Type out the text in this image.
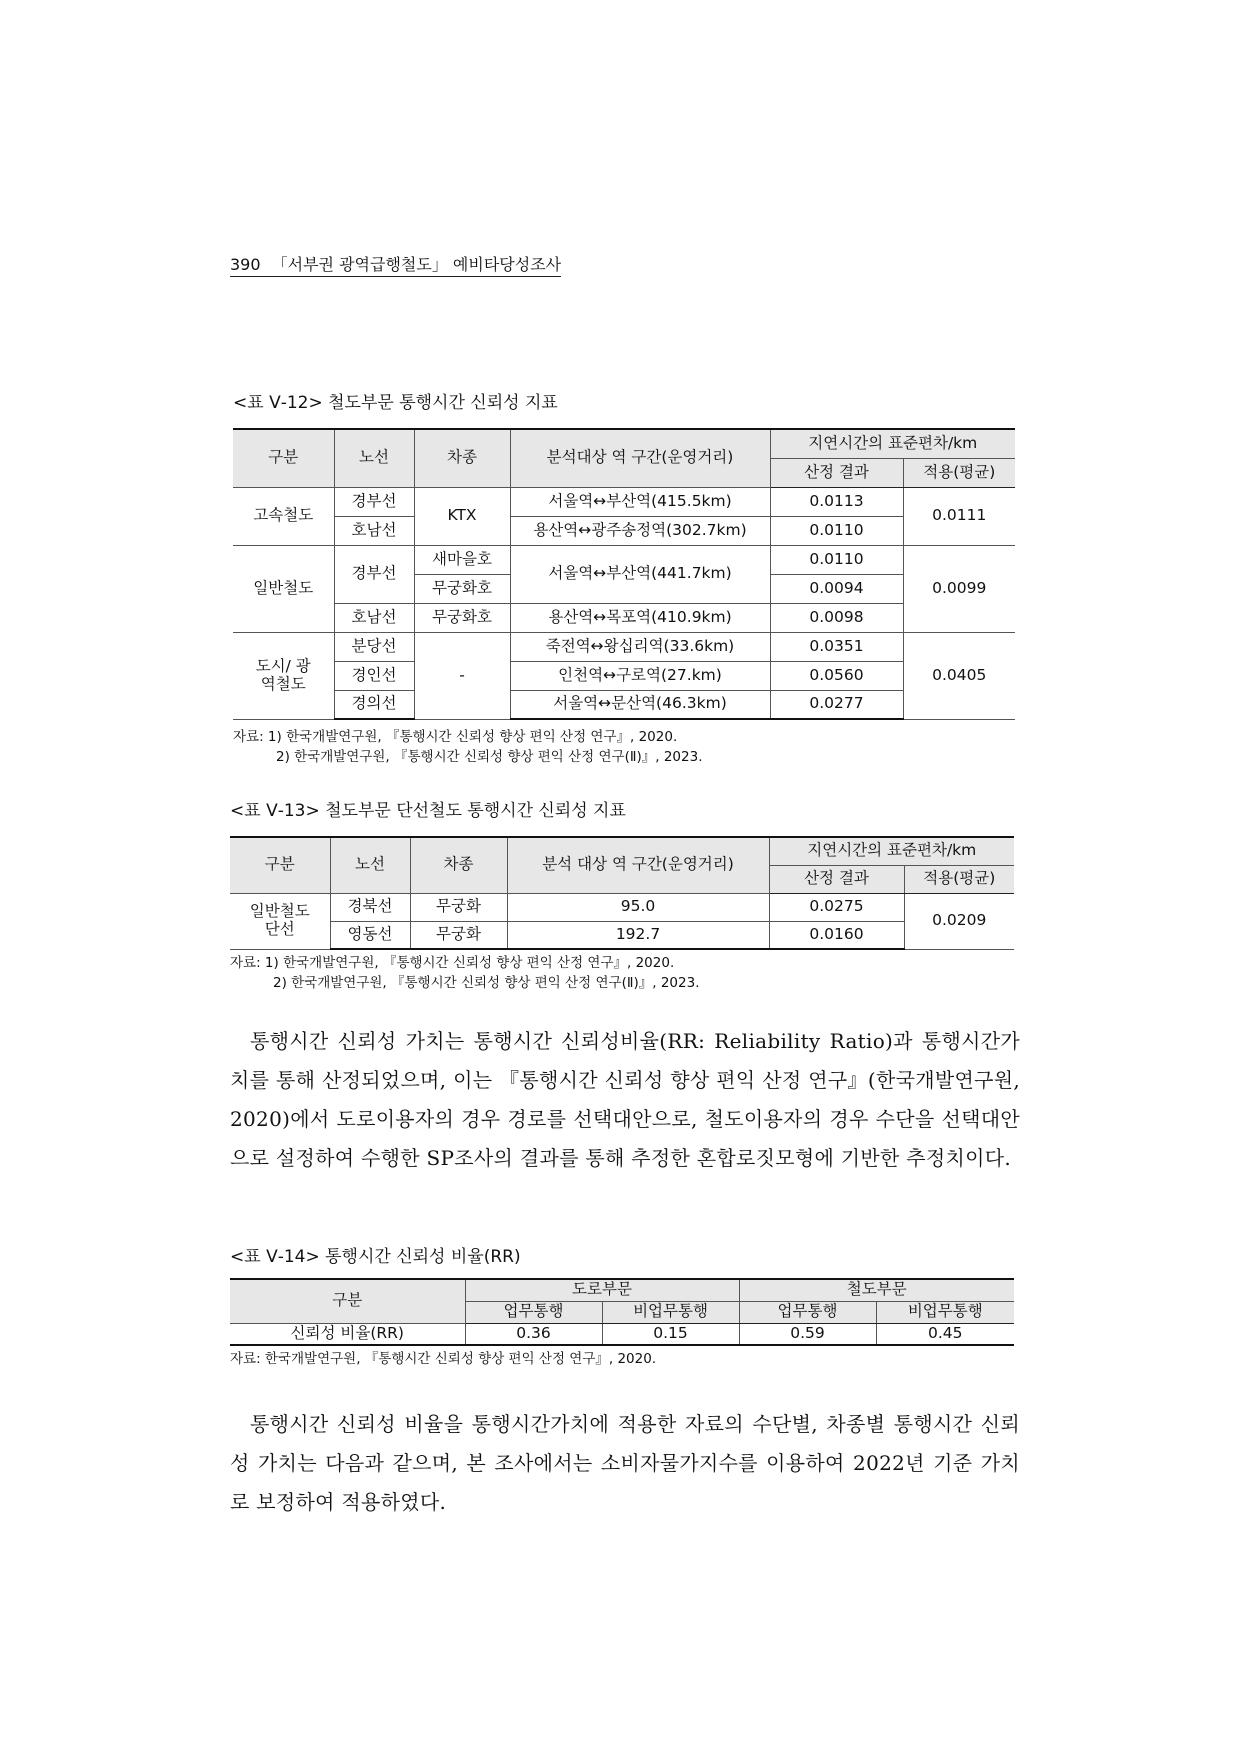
390 「서부권 광역급행철도」 예비타당성조사
<표 Ⅴ-12> 철도부문 통행시간 신뢰성 지표
구분	노선	차종	분석대상 역 구간(운영거리)	지연시간의 표준편차/km	
				산정 결과	적용(평균)
고속철도	경부선	KTX	서울역↔부산역(415.5km)	0.0113	0.0111
	호남선		용산역↔광주송정역(302.7km)	0.0110	
일반철도	경부선	새마을호	서울역↔부산역(441.7km)	0.0110	0.0099
		무궁화호		0.0094	
	호남선	무궁화호	용산역↔목포역(410.9km)	0.0098	
도시/ 광역철도	분당선	-	죽전역↔왕십리역(33.6km)	0.0351	0.0405
	경인선		인천역↔구로역(27.km)	0.0560	
	경의선		서울역↔문산역(46.3km)	0.0277	
자료: 1) 한국개발연구원, 『통행시간 신뢰성 향상 편익 산정 연구』, 2020.
2) 한국개발연구원, 『통행시간 신뢰성 향상 편익 산정 연구(Ⅱ)』, 2023.
<표 Ⅴ-13> 철도부문 단선철도 통행시간 신뢰성 지표
구분	노선	차종	분석 대상 역 구간(운영거리)	지연시간의 표준편차/km	
				산정 결과	적용(평균)
일반철도 단선	경북선	무궁화	95.0	0.0275	0.0209
	영동선	무궁화	192.7	0.0160	
자료: 1) 한국개발연구원, 『통행시간 신뢰성 향상 편익 산정 연구』, 2020.
2) 한국개발연구원, 『통행시간 신뢰성 향상 편익 산정 연구(Ⅱ)』, 2023.
통행시간 신뢰성 가치는 통행시간 신뢰성비율(RR: Reliability Ratio)과 통행시간가치를 통해 산정되었으며, 이는 『통행시간 신뢰성 향상 편익 산정 연구』(한국개발연구원, 2020)에서 도로이용자의 경우 경로를 선택대안으로, 철도이용자의 경우 수단을 선택대안으로 설정하여 수행한 SP조사의 결과를 통해 추정한 혼합로짓모형에 기반한 추정치이다.
<표 Ⅴ-14> 통행시간 신뢰성 비율(RR)
구분	도로부문		철도부문	
	업무통행	비업무통행	업무통행	비업무통행
신뢰성 비율(RR)	0.36	0.15	0.59	0.45
자료: 한국개발연구원, 『통행시간 신뢰성 향상 편익 산정 연구』, 2020.
통행시간 신뢰성 비율을 통행시간가치에 적용한 자료의 수단별, 차종별 통행시간 신뢰성 가치는 다음과 같으며, 본 조사에서는 소비자물가지수를 이용하여 2022년 기준 가치로 보정하여 적용하였다.
